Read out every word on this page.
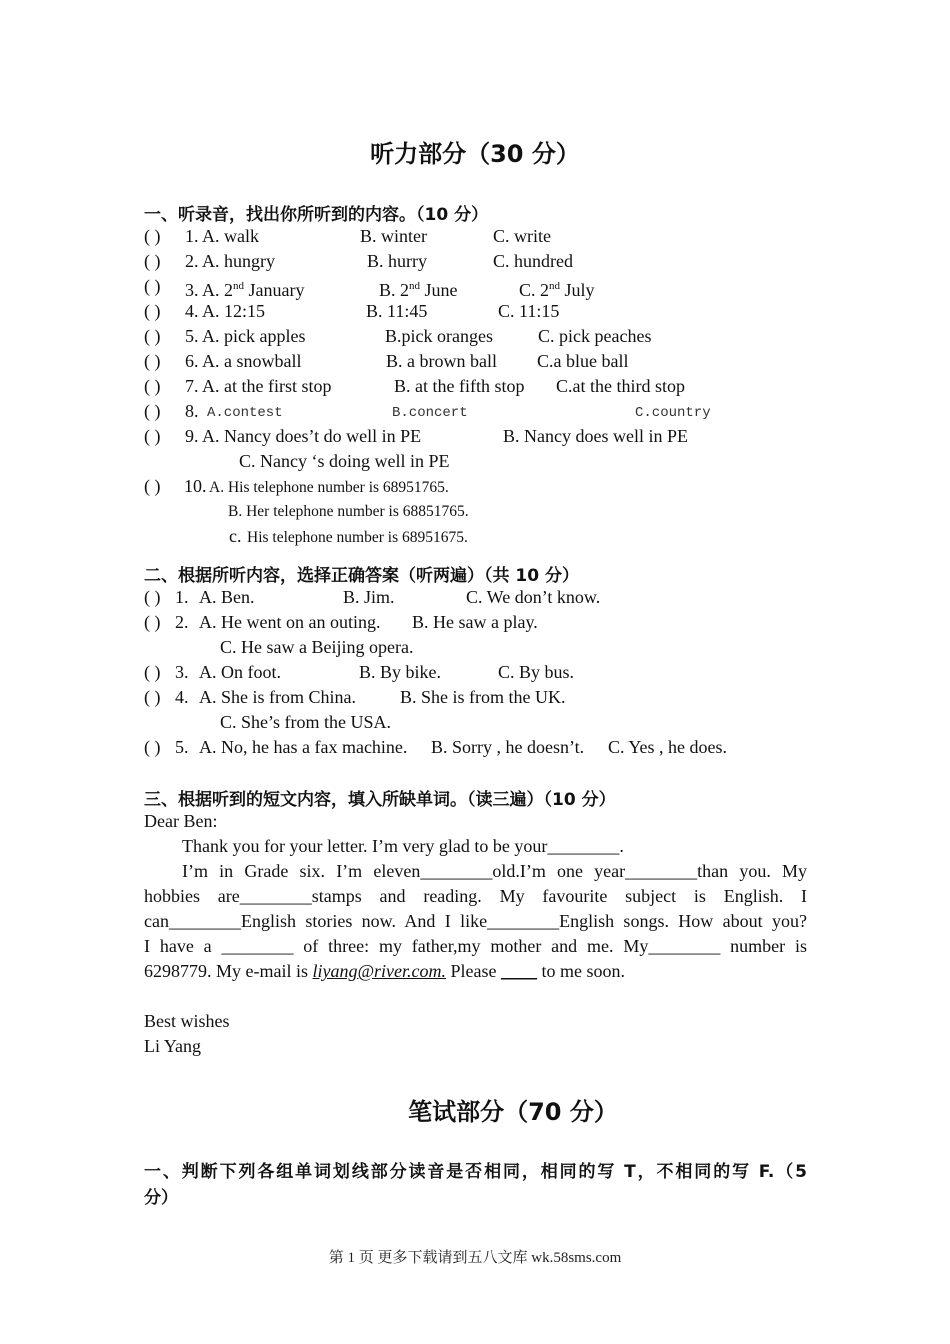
听力部分（30 分）
一、听录音，找出你所听到的内容。（10 分）
( ) 1. A. walk	B. winter	C. write
( ) 2. A. hungry	B. hurry	C. hundred
( ) 3. A. 2nd January	B. 2nd June	C. 2nd July
( ) 4. A. 12:15	B. 11:45	C. 11:15
( ) 5. A. pick apples	B.pick oranges	C. pick peaches
( ) 6. A. a snowball	B. a brown ball C.a blue ball
( ) 7. A. at the first stop	B. at the fifth stop C.at the third stop
( ) 8. A.contest	B.concert	C.country
( ) 9. A. Nancy does’t do well in PE	B. Nancy does well in PE
C. Nancy ‘s doing well in PE
( ) 10. A. His telephone number is 68951765.
B. Her telephone number is 68851765.
c. His telephone number is 68951675.
二、根据所听内容，选择正确答案（听两遍）（共 10 分）
( ) 1. A. Ben.	B. Jim.	C. We don’t know.
( ) 2. A. He went on an outing. B. He saw a play.
C. He saw a Beijing opera.
( ) 3. A. On foot.	B. By bike.	C. By bus.
( ) 4. A. She is from China. B. She is from the UK.
C. She’s from the USA.
( ) 5. A. No, he has a fax machine. B. Sorry , he doesn’t. C. Yes , he does.
三、根据听到的短文内容，填入所缺单词。（读三遍）（10 分）
Dear Ben:
Thank you for your letter. I’m very glad to be your________.
I’m in Grade six. I’m eleven________old.I’m one year________than you. My
hobbies are________stamps and reading. My favourite subject is English. I
can________English stories now. And I like________English songs. How about you?
I have a ________ of three: my father,my mother and me. My________ number is
6298779. My e-mail is liyang@river.com. Please ____ to me soon.
Best wishes
Li Yang
笔试部分（70 分）
一、判断下列各组单词划线部分读音是否相同，相同的写 T，不相同的写 F.（5
分）
第 1 页 更多下载请到五八文库 wk.58sms.com
